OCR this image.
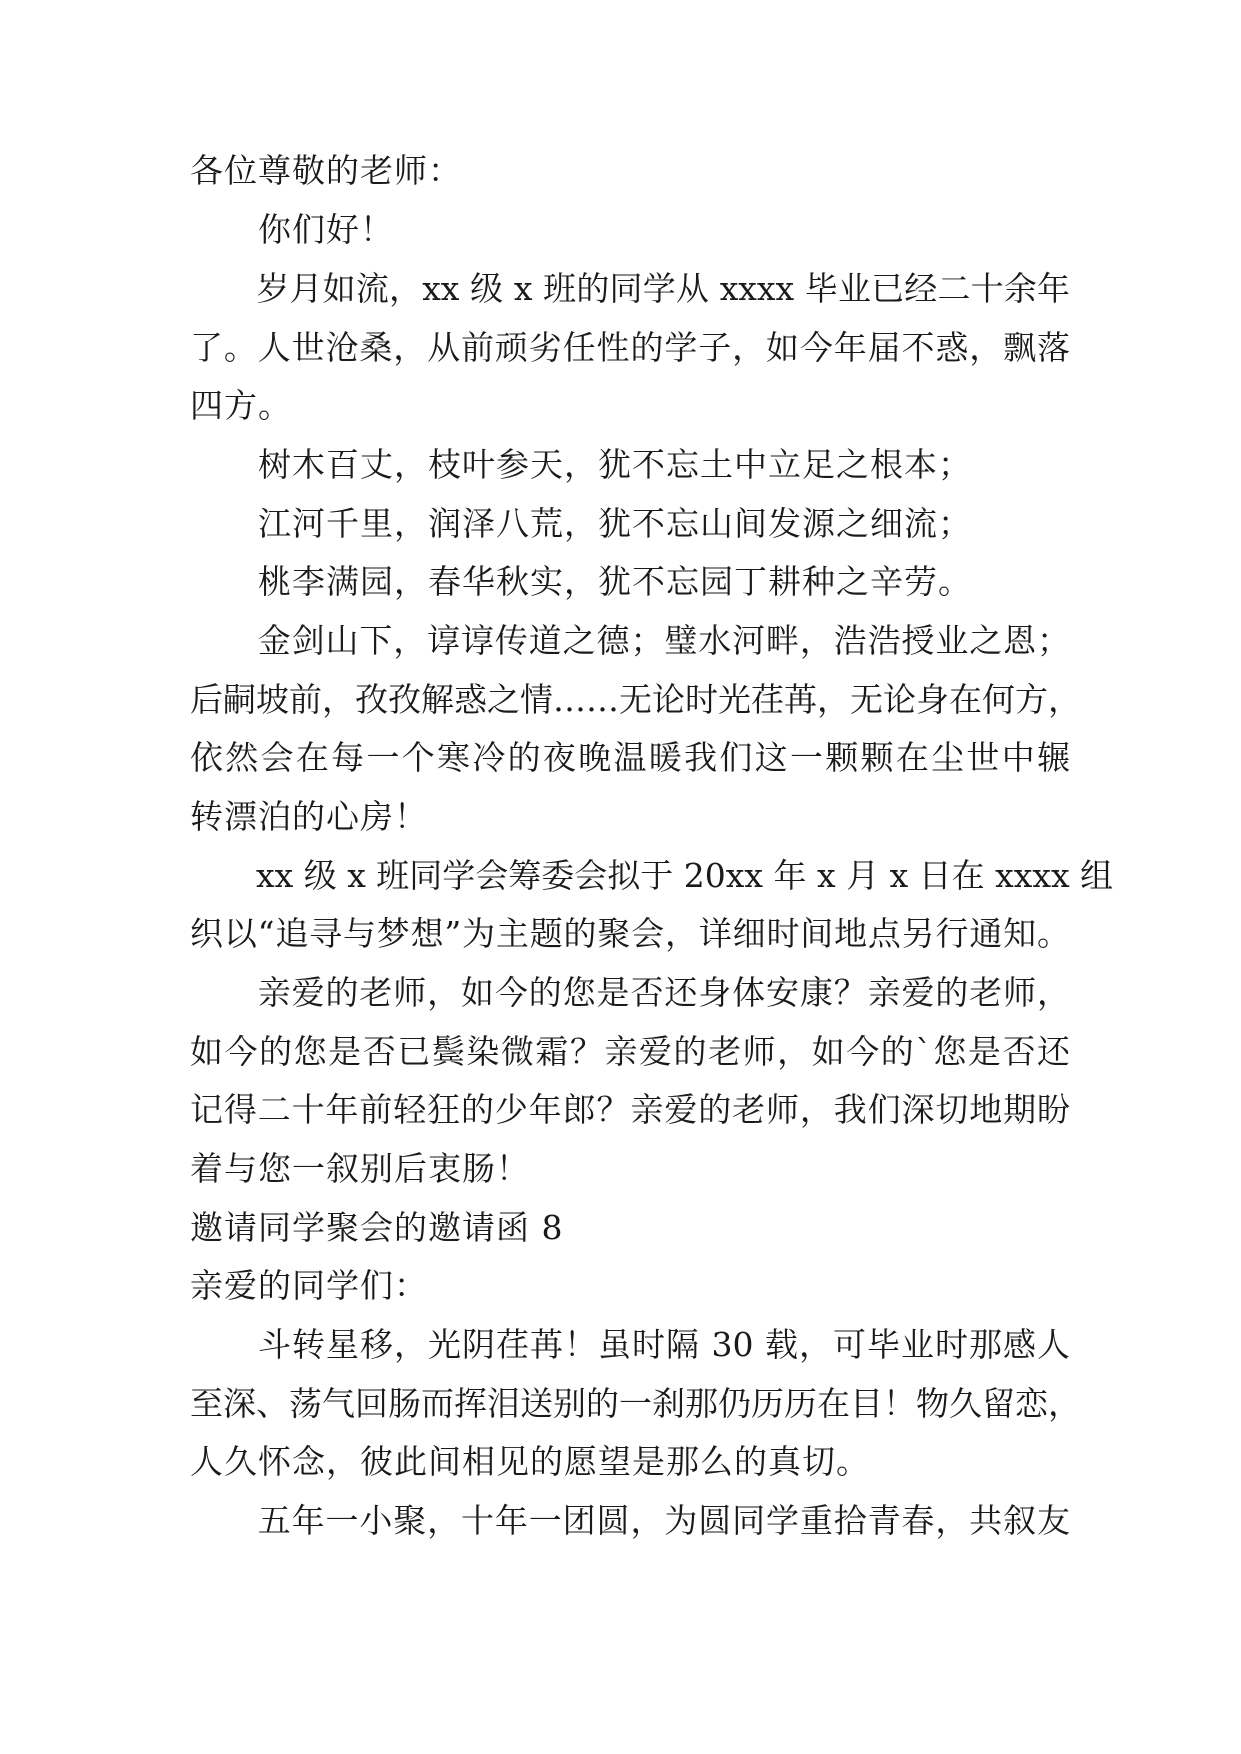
各位尊敬的老师：
　　你们好！
　　岁月如流，xx 级 x 班的同学从 xxxx 毕业已经二十余年
了。人世沧桑，从前顽劣任性的学子，如今年届不惑，飘落
四方。
　　树木百丈，枝叶参天，犹不忘土中立足之根本；
　　江河千里，润泽八荒，犹不忘山间发源之细流；
　　桃李满园，春华秋实，犹不忘园丁耕种之辛劳。
　　金剑山下，谆谆传道之德；璧水河畔，浩浩授业之恩；
后嗣坡前，孜孜解惑之情……无论时光荏苒，无论身在何方，
依然会在每一个寒冷的夜晚温暖我们这一颗颗在尘世中辗
转漂泊的心房！
　　xx 级 x 班同学会筹委会拟于 20xx 年 x 月 x 日在 xxxx 组
织以“追寻与梦想”为主题的聚会，详细时间地点另行通知。
　　亲爱的老师，如今的您是否还身体安康？亲爱的老师，
如今的您是否已鬓染微霜？亲爱的老师，如今的`您是否还
记得二十年前轻狂的少年郎？亲爱的老师，我们深切地期盼
着与您一叙别后衷肠！
邀请同学聚会的邀请函 8
亲爱的同学们：
　　斗转星移，光阴荏苒！虽时隔 30 载，可毕业时那感人
至深、荡气回肠而挥泪送别的一刹那仍历历在目！物久留恋，
人久怀念，彼此间相见的愿望是那么的真切。
　　五年一小聚，十年一团圆，为圆同学重拾青春，共叙友
